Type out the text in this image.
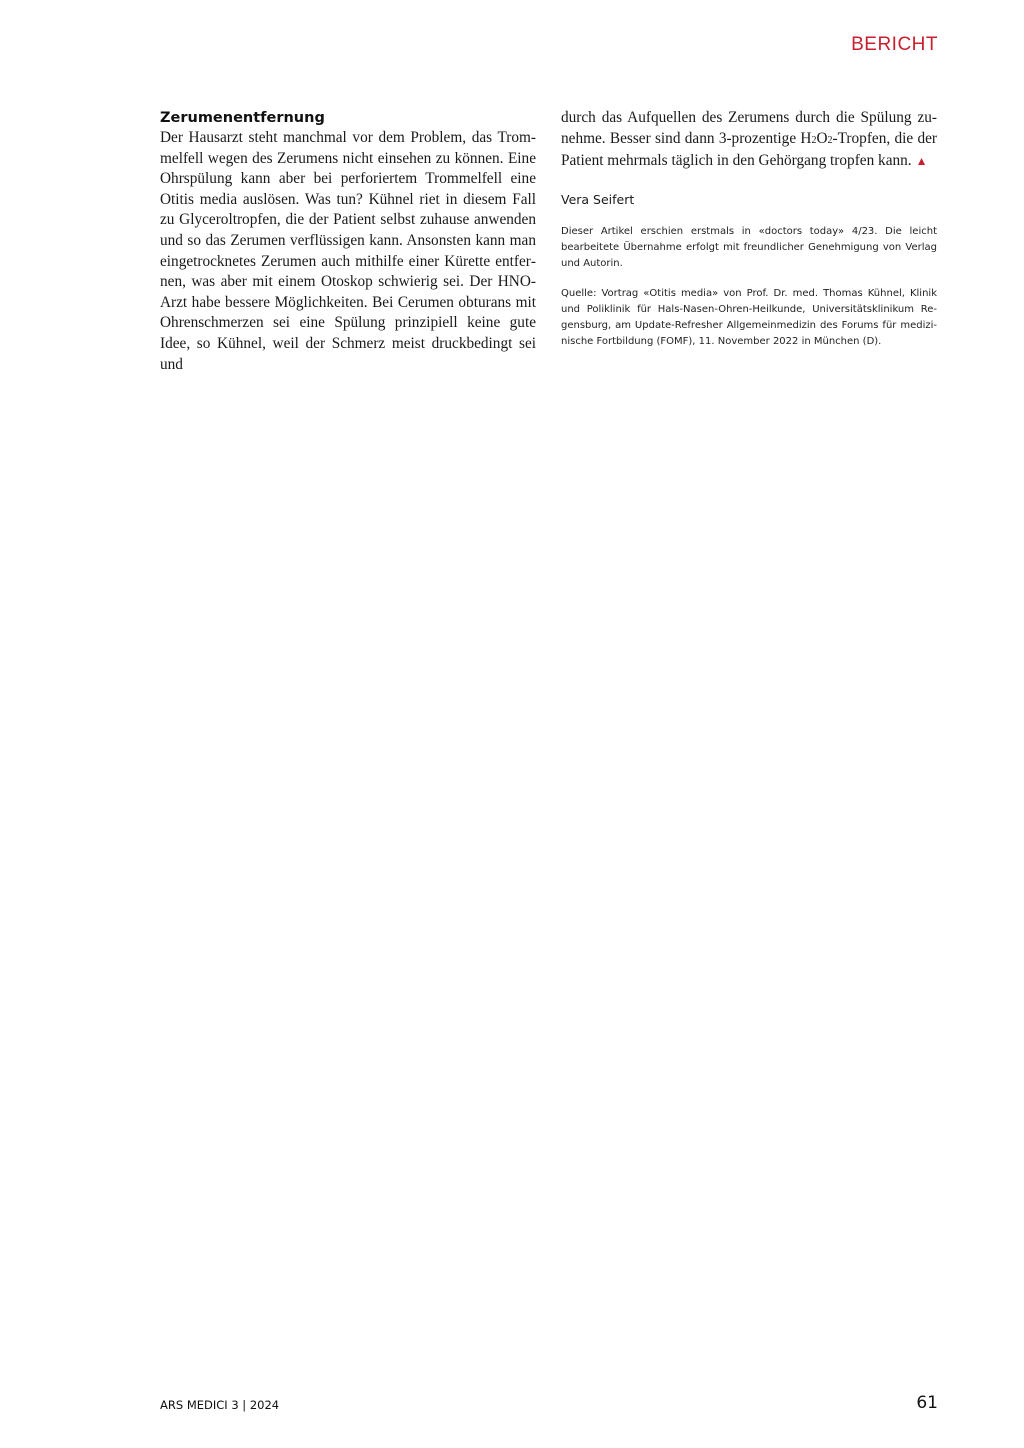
BERICHT
Zerumenentfernung

Der Hausarzt steht manchmal vor dem Problem, das Trommelfell wegen des Zerumens nicht einsehen zu können. Eine Ohrspülung kann aber bei perforiertem Trommelfell eine Otitis media auslösen. Was tun? Kühnel riet in diesem Fall zu Glyceroltropfen, die der Patient selbst zuhause anwenden und so das Zerumen verflüssigen kann. Ansonsten kann man eingetrocknetes Zerumen auch mithilfe einer Kürette entfernen, was aber mit einem Otoskop schwierig sei. Der HNO-Arzt habe bessere Möglichkeiten. Bei Cerumen obturans mit Ohrenschmerzen sei eine Spülung prinzipiell keine gute Idee, so Kühnel, weil der Schmerz meist druckbedingt sei und

durch das Aufquellen des Zerumens durch die Spülung zunehme. Besser sind dann 3-prozentige H2O2-Tropfen, die der Patient mehrmals täglich in den Gehörgang tropfen kann. ▲

Vera Seifert

Dieser Artikel erschien erstmals in «doctors today» 4/23. Die leicht bearbeitete Übernahme erfolgt mit freundlicher Genehmigung von Verlag und Autorin.

Quelle: Vortrag «Otitis media» von Prof. Dr. med. Thomas Kühnel, Klinik und Poliklinik für Hals-Nasen-Ohren-Heilkunde, Universitätsklinikum Regensburg, am Update-Refresher Allgemeinmedizin des Forums für medizinische Fortbildung (FOMF), 11. November 2022 in München (D).

ARS MEDICI 3 | 2024	61
